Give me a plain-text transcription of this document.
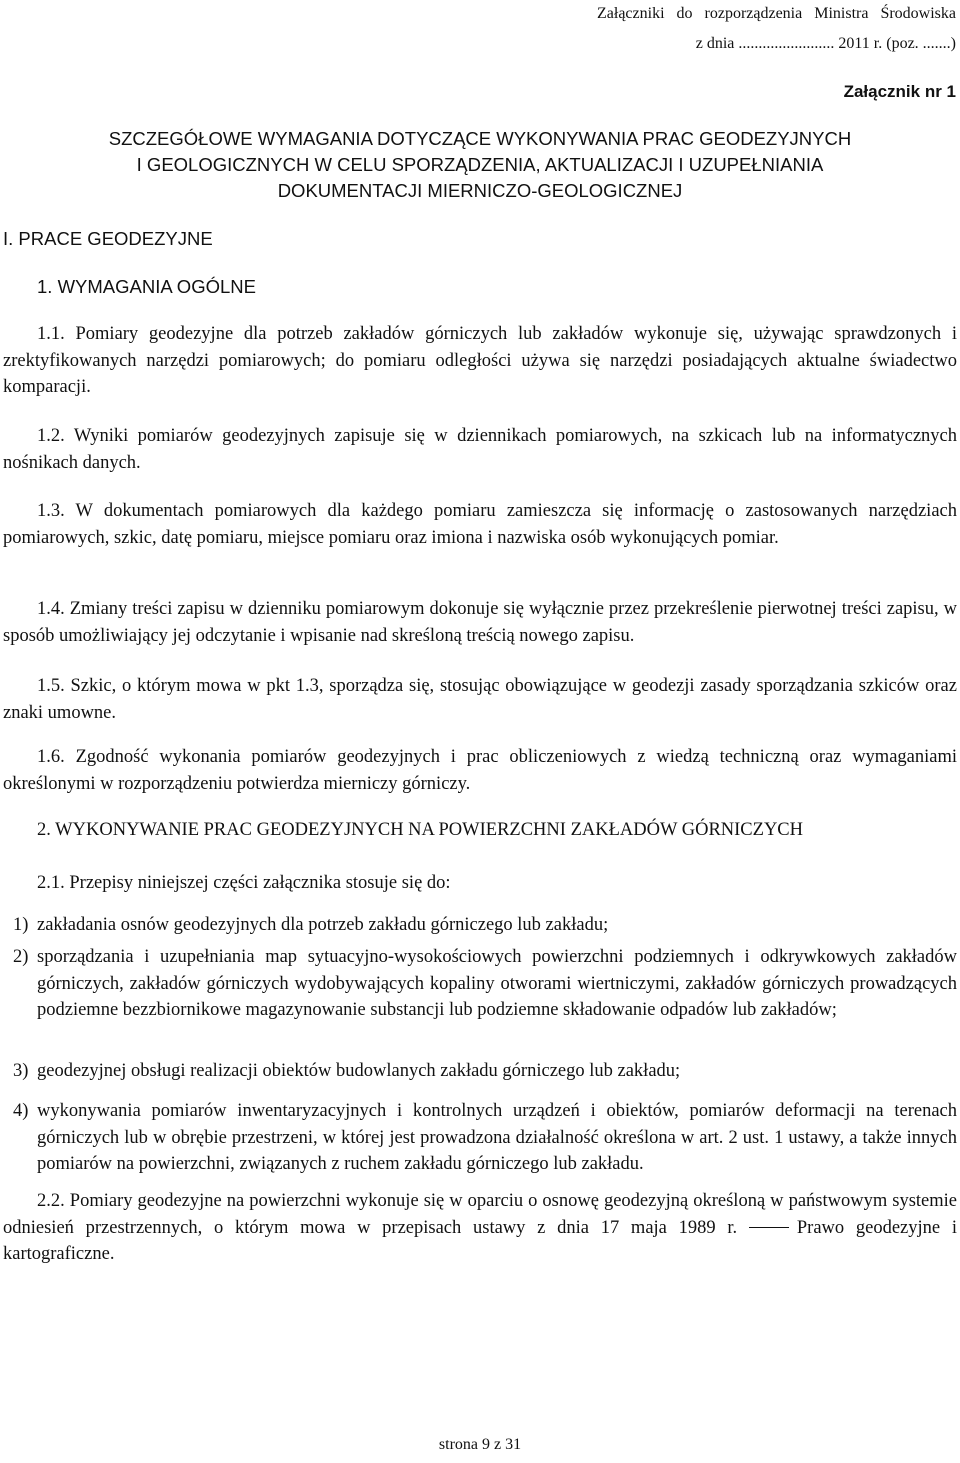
Załączniki do rozporządzenia Ministra Środowiska
z dnia ........................ 2011 r. (poz. .......)
Załącznik nr 1
SZCZEGÓŁOWE WYMAGANIA DOTYCZĄCE WYKONYWANIA PRAC GEODEZYJNYCH
I GEOLOGICZNYCH W CELU SPORZĄDZENIA, AKTUALIZACJI I UZUPEŁNIANIA
DOKUMENTACJI MIERNICZO-GEOLOGICZNEJ
I. PRACE GEODEZYJNE
1. WYMAGANIA OGÓLNE
1.1. Pomiary geodezyjne dla potrzeb zakładów górniczych lub zakładów wykonuje się, używając sprawdzonych i zrektyfikowanych narzędzi pomiarowych; do pomiaru odległości używa się narzędzi posiadających aktualne świadectwo komparacji.
1.2. Wyniki pomiarów geodezyjnych zapisuje się w dziennikach pomiarowych, na szkicach lub na informatycznych nośnikach danych.
1.3. W dokumentach pomiarowych dla każdego pomiaru zamieszcza się informację o zastosowanych narzędziach pomiarowych, szkic, datę pomiaru, miejsce pomiaru oraz imiona i nazwiska osób wykonujących pomiar.
1.4. Zmiany treści zapisu w dzienniku pomiarowym dokonuje się wyłącznie przez przekreślenie pierwotnej treści zapisu, w sposób umożliwiający jej odczytanie i wpisanie nad skreśloną treścią nowego zapisu.
1.5. Szkic, o którym mowa w pkt 1.3, sporządza się, stosując obowiązujące w geodezji zasady sporządzania szkiców oraz znaki umowne.
1.6. Zgodność wykonania pomiarów geodezyjnych i prac obliczeniowych z wiedzą techniczną oraz wymaganiami określonymi w rozporządzeniu potwierdza mierniczy górniczy.
2. WYKONYWANIE PRAC GEODEZYJNYCH NA POWIERZCHNI ZAKŁADÓW GÓRNICZYCH
2.1. Przepisy niniejszej części załącznika stosuje się do:
1) zakładania osnów geodezyjnych dla potrzeb zakładu górniczego lub zakładu;
2) sporządzania i uzupełniania map sytuacyjno-wysokościowych powierzchni podziemnych i odkrywkowych zakładów górniczych, zakładów górniczych wydobywających kopaliny otworami wiertniczymi, zakładów górniczych prowadzących podziemne bezzbiornikowe magazynowanie substancji lub podziemne składowanie odpadów lub zakładów;
3) geodezyjnej obsługi realizacji obiektów budowlanych zakładu górniczego lub zakładu;
4) wykonywania pomiarów inwentaryzacyjnych i kontrolnych urządzeń i obiektów, pomiarów deformacji na terenach górniczych lub w obrębie przestrzeni, w której jest prowadzona działalność określona w art. 2 ust. 1 ustawy, a także innych pomiarów na powierzchni, związanych z ruchem zakładu górniczego lub zakładu.
2.2. Pomiary geodezyjne na powierzchni wykonuje się w oparciu o osnowę geodezyjną określoną w państwowym systemie odniesień przestrzennych, o którym mowa w przepisach ustawy z dnia 17 maja 1989 r.	Prawo geodezyjne i kartograficzne.
strona 9 z 31
